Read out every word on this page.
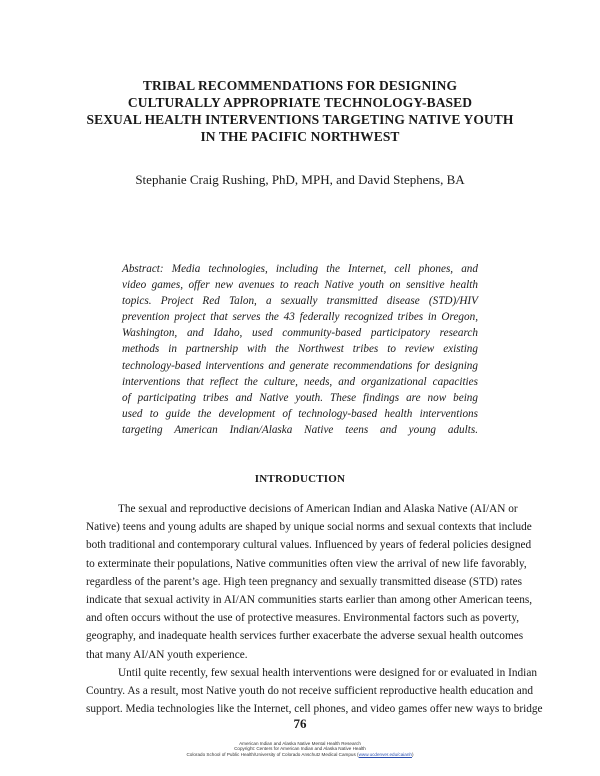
TRIBAL RECOMMENDATIONS FOR DESIGNING
CULTURALLY APPROPRIATE TECHNOLOGY-BASED
SEXUAL HEALTH INTERVENTIONS TARGETING NATIVE YOUTH
IN THE PACIFIC NORTHWEST
Stephanie Craig Rushing, PhD, MPH, and David Stephens, BA
Abstract: Media technologies, including the Internet, cell phones, and
video games, offer new avenues to reach Native youth on sensitive health
topics. Project Red Talon, a sexually transmitted disease (STD)/HIV
prevention project that serves the 43 federally recognized tribes in Oregon,
Washington, and Idaho, used community-based participatory research
methods in partnership with the Northwest tribes to review existing
technology-based interventions and generate recommendations for designing
interventions that reflect the culture, needs, and organizational capacities
of participating tribes and Native youth. These findings are now being
used to guide the development of technology-based health interventions
targeting American Indian/Alaska Native teens and young adults.
INTRODUCTION
The sexual and reproductive decisions of American Indian and Alaska Native (AI/AN or
Native) teens and young adults are shaped by unique social norms and sexual contexts that include
both traditional and contemporary cultural values. Influenced by years of federal policies designed
to exterminate their populations, Native communities often view the arrival of new life favorably,
regardless of the parent’s age. High teen pregnancy and sexually transmitted disease (STD) rates
indicate that sexual activity in AI/AN communities starts earlier than among other American teens,
and often occurs without the use of protective measures. Environmental factors such as poverty,
geography, and inadequate health services further exacerbate the adverse sexual health outcomes
that many AI/AN youth experience.
Until quite recently, few sexual health interventions were designed for or evaluated in Indian
Country. As a result, most Native youth do not receive sufficient reproductive health education and
support. Media technologies like the Internet, cell phones, and video games offer new ways to bridge
76
American Indian and Alaska Native Mental Health Research
Copyright: Centers for American Indian and Alaska Native Health
Colorado School of Public Health/University of Colorado Anschutz Medical Campus (www.ucdenver.edu/caianh)
